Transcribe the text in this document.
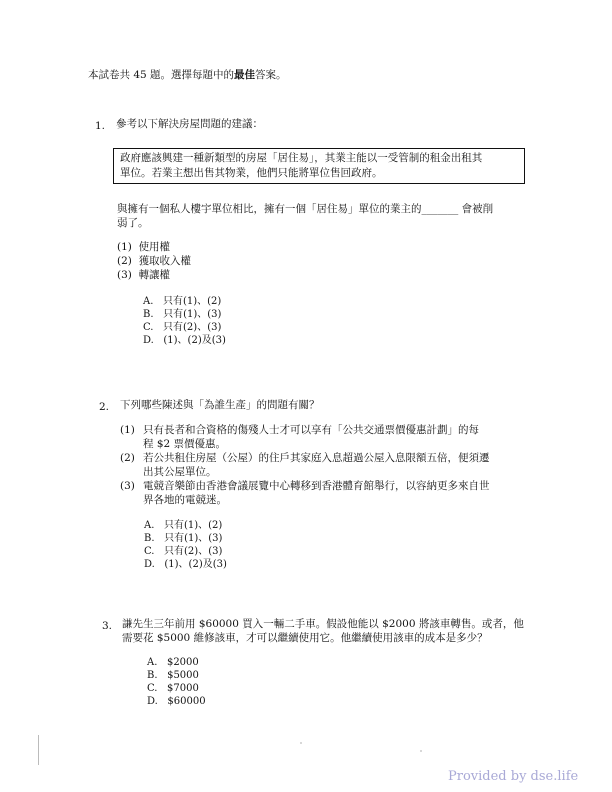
本試卷共 45 題。選擇每題中的最佳答案。
1. 參考以下解決房屋問題的建議：
政府應該興建一種新類型的房屋「居住易」，其業主能以一受管制的租金出租其
單位。若業主想出售其物業，他們只能將單位售回政府。
與擁有一個私人樓宇單位相比，擁有一個「居住易」單位的業主的_______ 會被削
弱了。
(1) 使用權
(2) 獲取收入權
(3) 轉讓權
A. 只有(1)、(2)
B. 只有(1)、(3)
C. 只有(2)、(3)
D. (1)、(2)及(3)
2. 下列哪些陳述與「為誰生產」的問題有關？
(1) 只有長者和合資格的傷殘人士才可以享有「公共交通票價優惠計劃」的每
程 $2 票價優惠。
(2) 若公共租住房屋（公屋）的住戶其家庭入息超過公屋入息限額五倍，便須遷
出其公屋單位。
(3) 電競音樂節由香港會議展覽中心轉移到香港體育館舉行，以容納更多來自世
界各地的電競迷。
A. 只有(1)、(2)
B. 只有(1)、(3)
C. 只有(2)、(3)
D. (1)、(2)及(3)
3. 謙先生三年前用 $60000 買入一輛二手車。假設他能以 $2000 將該車轉售。或者，他
需要花 $5000 維修該車，才可以繼續使用它。他繼續使用該車的成本是多少？
A. $2000
B. $5000
C. $7000
D. $60000
Provided by dse.life
